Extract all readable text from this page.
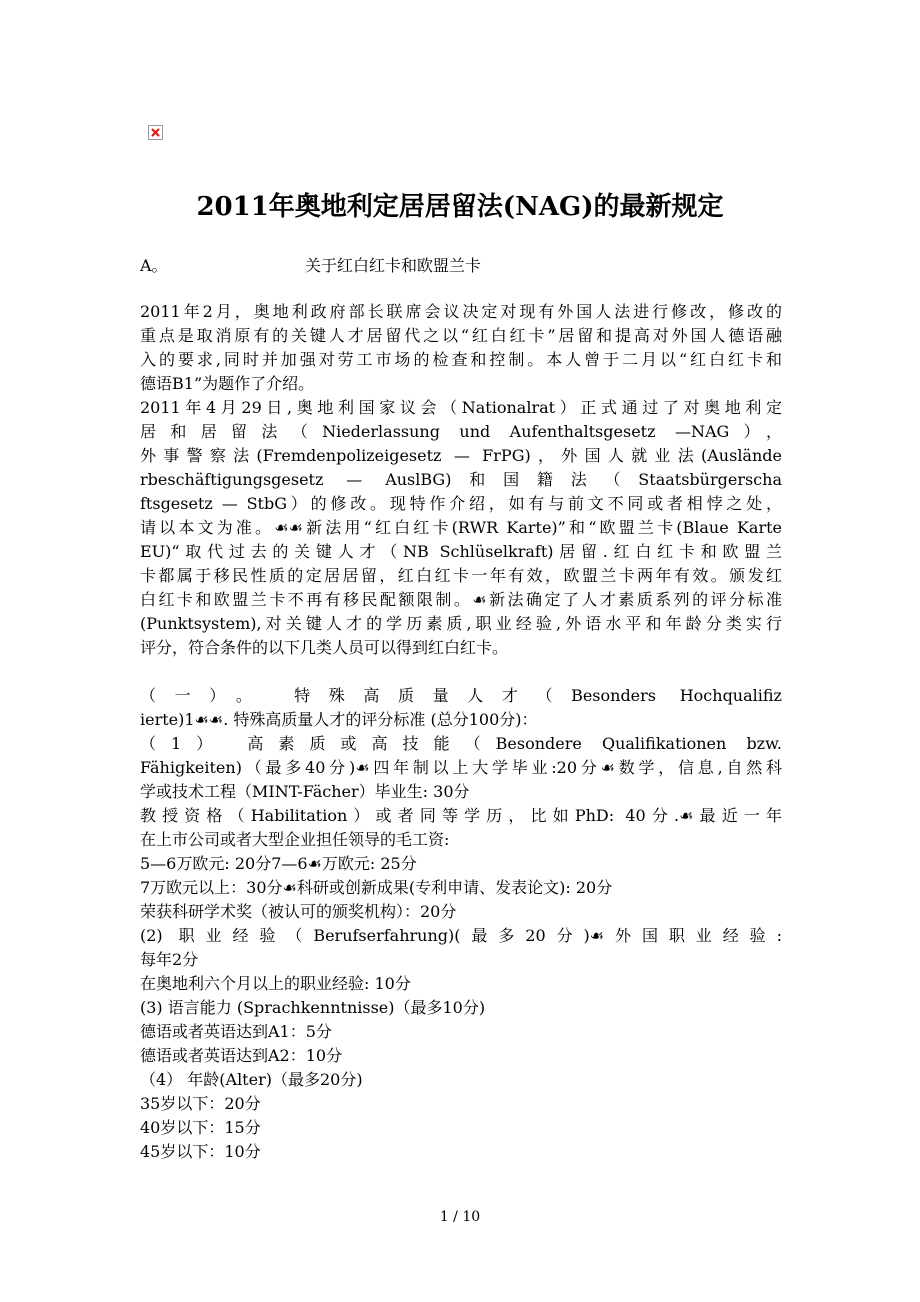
2011年奥地利定居居留法(NAG)的最新规定
A。	关于红白红卡和欧盟兰卡

2011年2月，奥地利政府部长联席会议决定对现有外国人法进行修改，修改的

重点是取消原有的关键人才居留代之以“红白红卡”居留和提高对外国人德语融

入的要求,同时并加强对劳工市场的检查和控制。本人曾于二月以“红白红卡和

德语B1”为题作了介绍。

2011年4月29日,奥地利国家议会（Nationalrat）正式通过了对奥地利定

居和居留法（Niederlassung und Aufenthaltsgesetz —NAG），

外事警察法(Fremdenpolizeigesetz — FrPG)，外国人就业法(Auslände

rbeschäftigungsgesetz — AuslBG)和国籍法（Staatsbürgerscha

ftsgesetz — StbG）的修改。现特作介绍，如有与前文不同或者相悖之处，

请以本文为准。☙☙新法用“红白红卡(RWR Karte)”和“欧盟兰卡(Blaue Karte

EU)“取代过去的关键人才（NB Schlüselkraft)居留.红白红卡和欧盟兰

卡都属于移民性质的定居居留，红白红卡一年有效，欧盟兰卡两年有效。颁发红

白红卡和欧盟兰卡不再有移民配额限制。☙新法确定了人才素质系列的评分标准

(Punktsystem),对关键人才的学历素质,职业经验,外语水平和年龄分类实行

评分，符合条件的以下几类人员可以得到红白红卡。

（一）。 特殊高质量人才（Besonders Hochqualifiz

ierte)1☙☙. 特殊高质量人才的评分标准 (总分100分)：

（1） 高素质或高技能（Besondere Qualifikationen bzw.

Fähigkeiten)（最多40分)☙四年制以上大学毕业:20分☙数学，信息,自然科

学或技术工程（MINT-Fächer）毕业生: 30分

教授资格（Habilitation）或者同等学历，比如PhD: 40分.☙最近一年

在上市公司或者大型企业担任领导的毛工资:

5—6万欧元: 20分7—6☙万欧元: 25分

7万欧元以上：30分☙科研或创新成果(专利申请、发表论文): 20分

荣获科研学术奖（被认可的颁奖机构）：20分

(2) 职业经验（Berufserfahrung)(最多20分)☙外国职业经验:

每年2分

在奥地利六个月以上的职业经验: 10分

(3) 语言能力 (Sprachkenntnisse)（最多10分)

德语或者英语达到A1：5分

德语或者英语达到A2：10分

（4） 年龄(Alter)（最多20分)

35岁以下：20分

40岁以下：15分

45岁以下：10分

1 / 10
